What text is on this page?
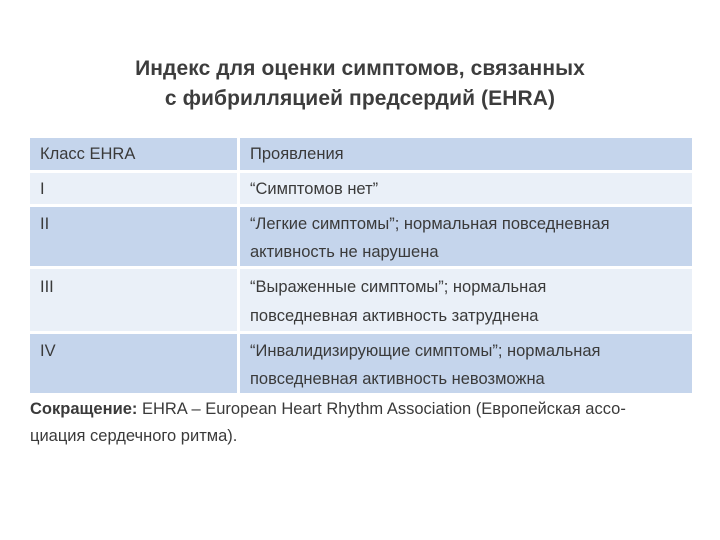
Индекс для оценки симптомов, связанных
с фибрилляцией предсердий (EHRA)
Класс EHRA	Проявления
I	“Симптомов нет”

II	“Легкие симптомы”; нормальная повседневная
активность не нарушена

III	“Выраженные симптомы”; нормальная
повседневная активность затруднена

IV	“Инвалидизирующие симптомы”; нормальная
повседневная активность невозможна
Сокращение: EHRA – European Heart Rhythm Association (Европейская ассо-
циация сердечного ритма).
